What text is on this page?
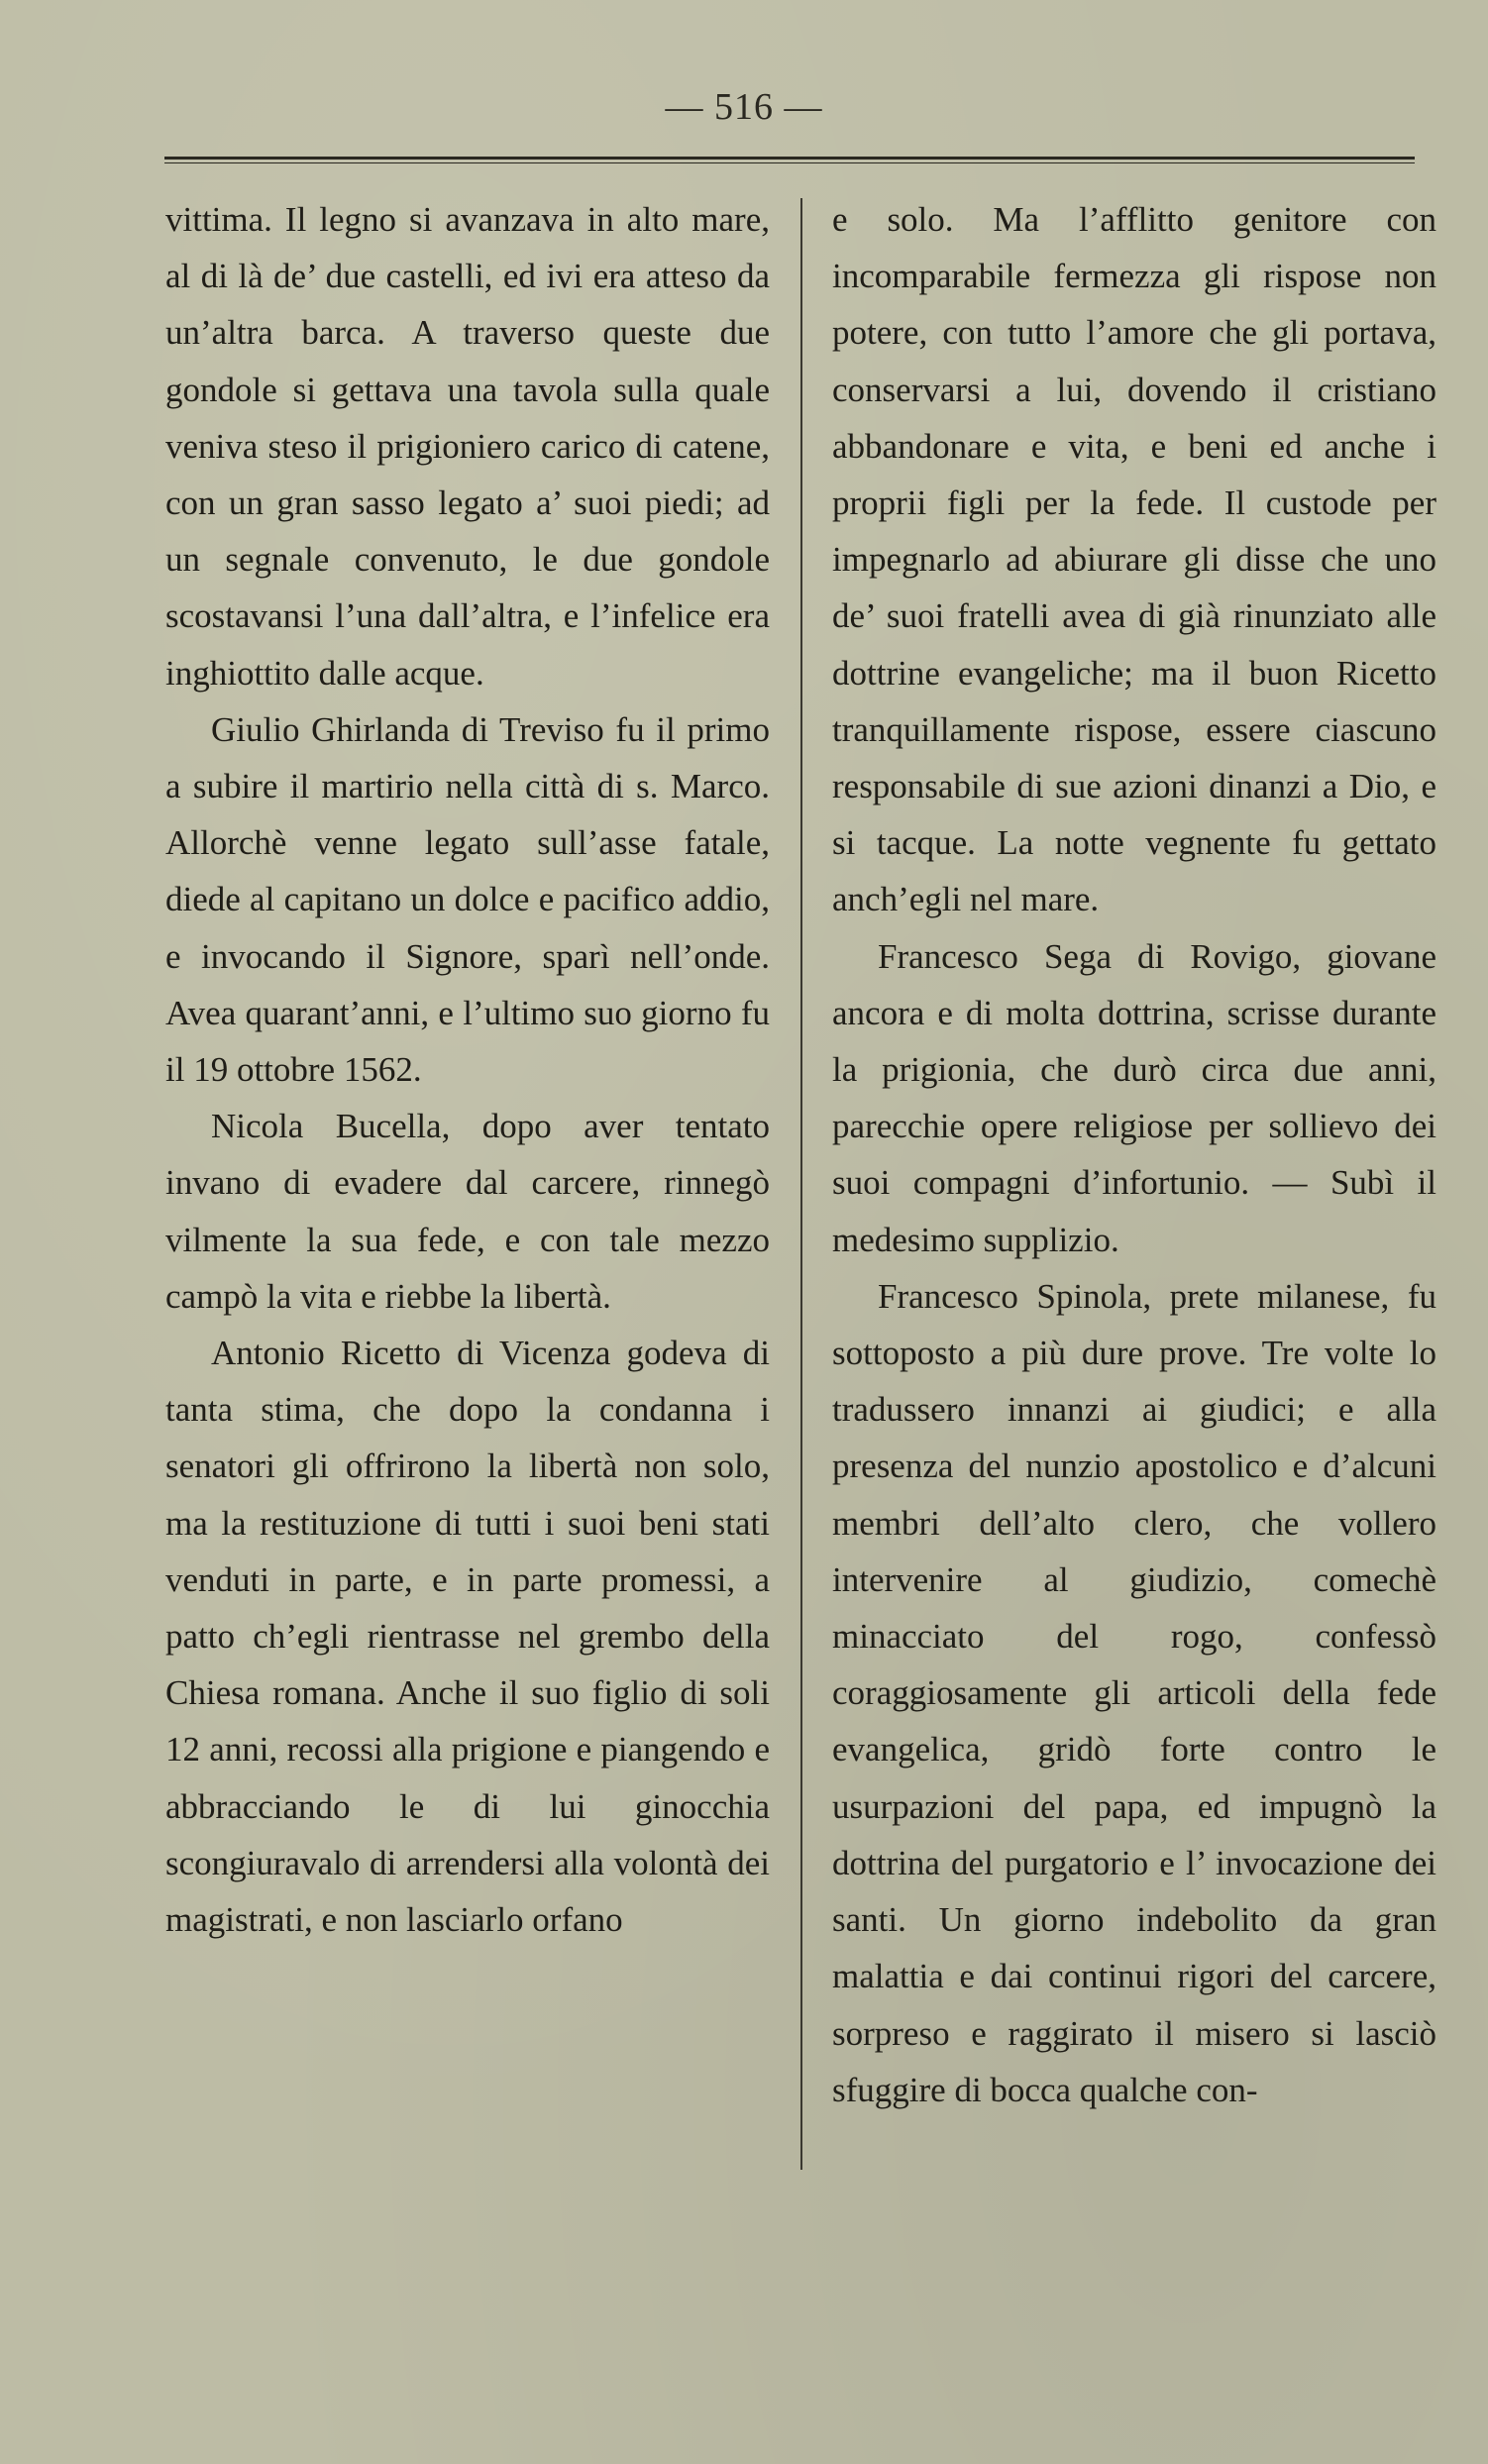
— 516 —

vittima. Il legno si avanzava in alto mare, al di là de’ due castelli, ed ivi era atteso da un’altra barca. A traverso queste due gondole si gettava una tavola sulla quale veniva steso il prigioniero carico di catene, con un gran sasso legato a’ suoi piedi; ad un segnale convenuto, le due gondole scostavansi l’una dall’altra, e l’infelice era inghiottito dalle acque.

Giulio Ghirlanda di Treviso fu il primo a subire il martirio nella città di s. Marco. Allorchè venne legato sull’asse fatale, diede al capitano un dolce e pacifico addio, e invocando il Signore, sparì nell’onde. Avea quarant’anni, e l’ultimo suo giorno fu il 19 ottobre 1562.

Nicola Bucella, dopo aver tentato invano di evadere dal carcere, rinnegò vilmente la sua fede, e con tale mezzo campò la vita e riebbe la libertà.

Antonio Ricetto di Vicenza godeva di tanta stima, che dopo la condanna i senatori gli offrirono la libertà non solo, ma la restituzione di tutti i suoi beni stati venduti in parte, e in parte promessi, a patto ch’egli rientrasse nel grembo della Chiesa romana. Anche il suo figlio di soli 12 anni, recossi alla prigione e piangendo e abbracciando le di lui ginocchia scongiuravalo di arrendersi alla volontà dei magistrati, e non lasciarlo orfano

e solo. Ma l’afflitto genitore con incomparabile fermezza gli rispose non potere, con tutto l’amore che gli portava, conservarsi a lui, dovendo il cristiano abbandonare e vita, e beni ed anche i proprii figli per la fede. Il custode per impegnarlo ad abiurare gli disse che uno de’ suoi fratelli avea di già rinunziato alle dottrine evangeliche; ma il buon Ricetto tranquillamente rispose, essere ciascuno responsabile di sue azioni dinanzi a Dio, e si tacque. La notte vegnente fu gettato anch’egli nel mare.

Francesco Sega di Rovigo, giovane ancora e di molta dottrina, scrisse durante la prigionia, che durò circa due anni, parecchie opere religiose per sollievo dei suoi compagni d’infortunio. — Subì il medesimo supplizio.

Francesco Spinola, prete milanese, fu sottoposto a più dure prove. Tre volte lo tradussero innanzi ai giudici; e alla presenza del nunzio apostolico e d’alcuni membri dell’alto clero, che vollero intervenire al giudizio, comechè minacciato del rogo, confessò coraggiosamente gli articoli della fede evangelica, gridò forte contro le usurpazioni del papa, ed impugnò la dottrina del purgatorio e l’ invocazione dei santi. Un giorno indebolito da gran malattia e dai continui rigori del carcere, sorpreso e raggirato il misero si lasciò sfuggire di bocca qualche con-
